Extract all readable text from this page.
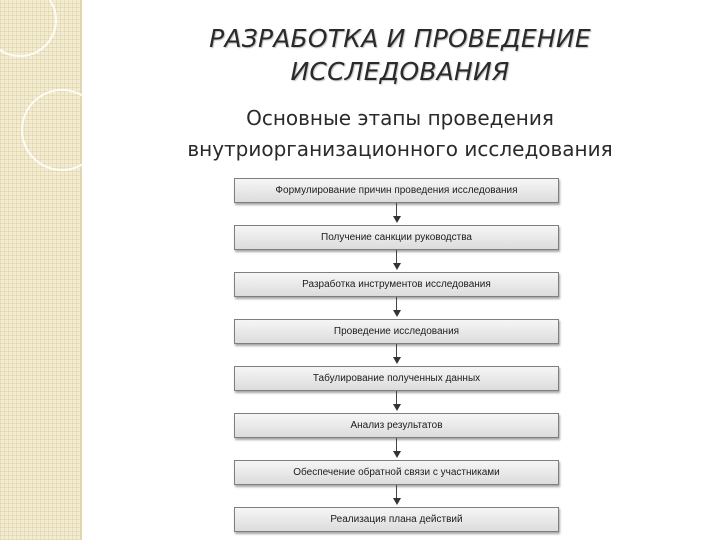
РАЗРАБОТКА И ПРОВЕДЕНИЕ
ИССЛЕДОВАНИЯ
Основные этапы проведения
внутриорганизационного исследования
Формулирование причин проведения исследования
Получение санкции руководства
Разработка инструментов исследования
Проведение исследования
Табулирование полученных данных
Анализ результатов
Обеспечение обратной связи с участниками
Реализация плана действий
